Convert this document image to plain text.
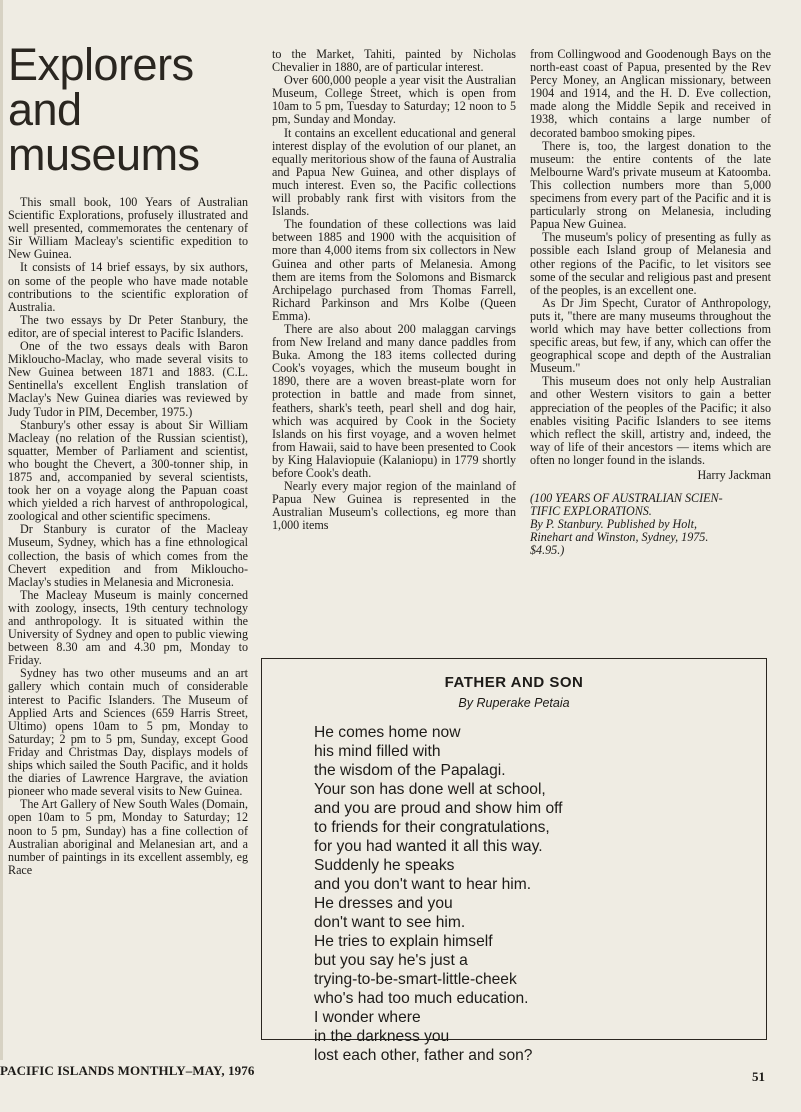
Explorers
and
museums

This small book, 100 Years of Australian Scientific Explorations, profusely illustrated and well presented, commemorates the centenary of Sir William Macleay's scientific expedition to New Guinea.

It consists of 14 brief essays, by six authors, on some of the people who have made notable contributions to the scientific exploration of Australia.

The two essays by Dr Peter Stanbury, the editor, are of special interest to Pacific Islanders.

One of the two essays deals with Baron Mikloucho-Maclay, who made several visits to New Guinea between 1871 and 1883. (C.L. Sentinella's excellent English translation of Maclay's New Guinea diaries was reviewed by Judy Tudor in PIM, December, 1975.)

Stanbury's other essay is about Sir William Macleay (no relation of the Russian scientist), squatter, Member of Parliament and scientist, who bought the Chevert, a 300-tonner ship, in 1875 and, accompanied by several scientists, took her on a voyage along the Papuan coast which yielded a rich harvest of anthropological, zoological and other scientific specimens.

Dr Stanbury is curator of the Macleay Museum, Sydney, which has a fine ethnological collection, the basis of which comes from the Chevert expedition and from Mikloucho-Maclay's studies in Melanesia and Micronesia.

The Macleay Museum is mainly concerned with zoology, insects, 19th century technology and anthropology. It is situated within the University of Sydney and open to public viewing between 8.30 am and 4.30 pm, Monday to Friday.

Sydney has two other museums and an art gallery which contain much of considerable interest to Pacific Islanders. The Museum of Applied Arts and Sciences (659 Harris Street, Ultimo) opens 10am to 5 pm, Monday to Saturday; 2 pm to 5 pm, Sunday, except Good Friday and Christmas Day, displays models of ships which sailed the South Pacific, and it holds the diaries of Lawrence Hargrave, the aviation pioneer who made several visits to New Guinea.

The Art Gallery of New South Wales (Domain, open 10am to 5 pm, Monday to Saturday; 12 noon to 5 pm, Sunday) has a fine collection of Australian aboriginal and Melanesian art, and a number of paintings in its excellent assembly, eg Race

to the Market, Tahiti, painted by Nicholas Chevalier in 1880, are of particular interest.

Over 600,000 people a year visit the Australian Museum, College Street, which is open from 10am to 5 pm, Tuesday to Saturday; 12 noon to 5 pm, Sunday and Monday.

It contains an excellent educational and general interest display of the evolution of our planet, an equally meritorious show of the fauna of Australia and Papua New Guinea, and other displays of much interest. Even so, the Pacific collections will probably rank first with visitors from the Islands.

The foundation of these collections was laid between 1885 and 1900 with the acquisition of more than 4,000 items from six collectors in New Guinea and other parts of Melanesia. Among them are items from the Solomons and Bismarck Archipelago purchased from Thomas Farrell, Richard Parkinson and Mrs Kolbe (Queen Emma).

There are also about 200 malaggan carvings from New Ireland and many dance paddles from Buka. Among the 183 items collected during Cook's voyages, which the museum bought in 1890, there are a woven breast-plate worn for protection in battle and made from sinnet, feathers, shark's teeth, pearl shell and dog hair, which was acquired by Cook in the Society Islands on his first voyage, and a woven helmet from Hawaii, said to have been presented to Cook by King Halaviopuie (Kalaniopu) in 1779 shortly before Cook's death.

Nearly every major region of the mainland of Papua New Guinea is represented in the Australian Museum's collections, eg more than 1,000 items

from Collingwood and Goodenough Bays on the north-east coast of Papua, presented by the Rev Percy Money, an Anglican missionary, between 1904 and 1914, and the H. D. Eve collection, made along the Middle Sepik and received in 1938, which contains a large number of decorated bamboo smoking pipes.

There is, too, the largest donation to the museum: the entire contents of the late Melbourne Ward's private museum at Katoomba. This collection numbers more than 5,000 specimens from every part of the Pacific and it is particularly strong on Melanesia, including Papua New Guinea.

The museum's policy of presenting as fully as possible each Island group of Melanesia and other regions of the Pacific, to let visitors see some of the secular and religious past and present of the peoples, is an excellent one.

As Dr Jim Specht, Curator of Anthropology, puts it, "there are many museums throughout the world which may have better collections from specific areas, but few, if any, which can offer the geographical scope and depth of the Australian Museum."

This museum does not only help Australian and other Western visitors to gain a better appreciation of the peoples of the Pacific; it also enables visiting Pacific Islanders to see items which reflect the skill, artistry and, indeed, the way of life of their ancestors — items which are often no longer found in the islands.

Harry Jackman

(100 YEARS OF AUSTRALIAN SCIEN-
TIFIC EXPLORATIONS.
By P. Stanbury. Published by Holt,
Rinehart and Winston, Sydney, 1975.
$4.95.)

FATHER AND SON
By Ruperake Petaia
He comes home now
his mind filled with
the wisdom of the Papalagi.
Your son has done well at school,
and you are proud and show him off
to friends for their congratulations,
for you had wanted it all this way.
Suddenly he speaks
and you don't want to hear him.
He dresses and you
don't want to see him.
He tries to explain himself
but you say he's just a
trying-to-be-smart-little-cheek
who's had too much education.
I wonder where
in the darkness you
lost each other, father and son?
PACIFIC ISLANDS MONTHLY–MAY, 1976	51
